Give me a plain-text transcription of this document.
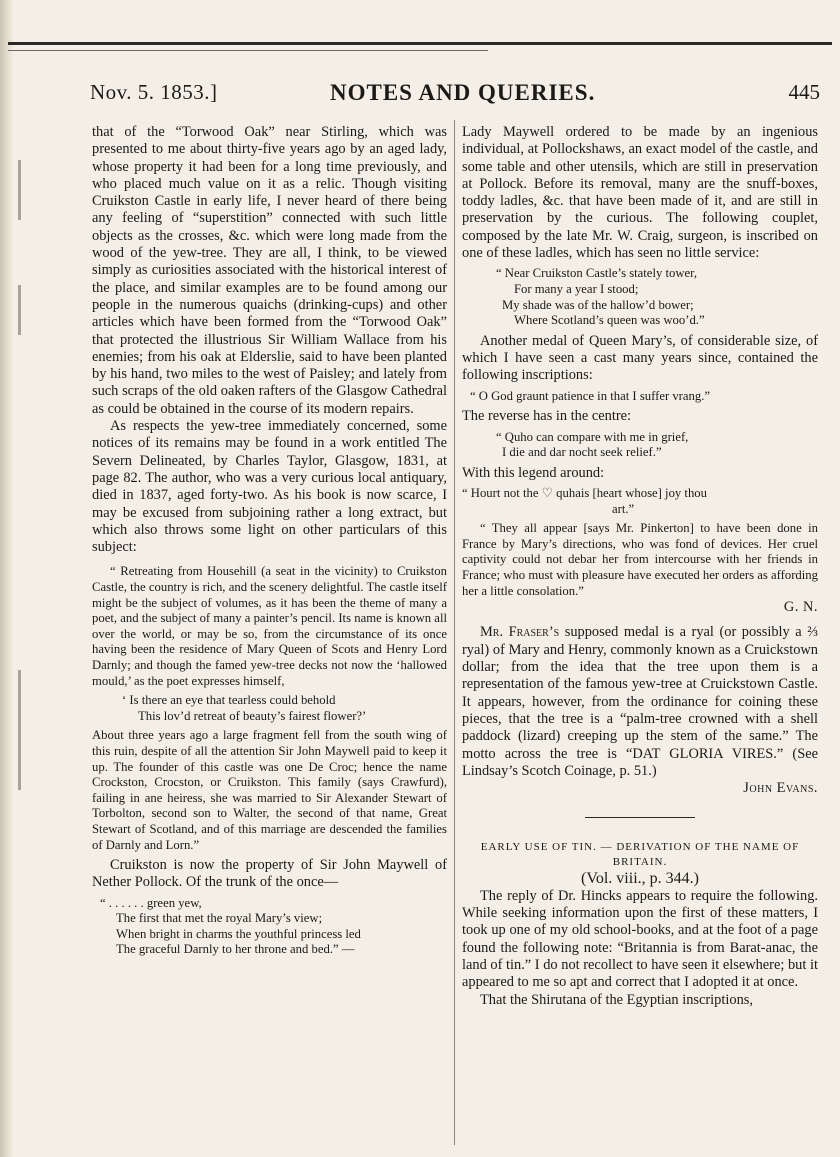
Nov. 5. 1853.]	NOTES AND QUERIES.	445

that of the “Torwood Oak” near Stirling, which was presented to me about thirty-five years ago by an aged lady, whose property it had been for a long time previously, and who placed much value on it as a relic. Though visiting Cruikston Castle in early life, I never heard of there being any feeling of “superstition” connected with such little objects as the crosses, &c. which were long made from the wood of the yew-tree. They are all, I think, to be viewed simply as curiosities associated with the historical interest of the place, and similar examples are to be found among our people in the numerous quaichs (drinking-cups) and other articles which have been formed from the “Torwood Oak” that protected the illustrious Sir William Wallace from his enemies; from his oak at Elderslie, said to have been planted by his hand, two miles to the west of Paisley; and lately from such scraps of the old oaken rafters of the Glasgow Cathedral as could be obtained in the course of its modern repairs.

As respects the yew-tree immediately concerned, some notices of its remains may be found in a work entitled The Severn Delineated, by Charles Taylor, Glasgow, 1831, at page 82. The author, who was a very curious local antiquary, died in 1837, aged forty-two. As his book is now scarce, I may be excused from subjoining rather a long extract, but which also throws some light on other particulars of this subject:

“ Retreating from Househill (a seat in the vicinity) to Cruikston Castle, the country is rich, and the scenery delightful. The castle itself might be the subject of volumes, as it has been the theme of many a poet, and the subject of many a painter’s pencil. Its name is known all over the world, or may be so, from the circumstance of its once having been the residence of Mary Queen of Scots and Henry Lord Darnly; and though the famed yew-tree decks not now the ‘hallowed mould,’ as the poet expresses himself,

‘ Is there an eye that tearless could behold
This lov’d retreat of beauty’s fairest flower?’

About three years ago a large fragment fell from the south wing of this ruin, despite of all the attention Sir John Maywell paid to keep it up. The founder of this castle was one De Croc; hence the name Crockston, Crocston, or Cruikston. This family (says Crawfurd), failing in ane heiress, she was married to Sir Alexander Stewart of Torbolton, second son to Walter, the second of that name, Great Stewart of Scotland, and of this marriage are descended the families of Darnly and Lorn.”

Cruikston is now the property of Sir John Maywell of Nether Pollock. Of the trunk of the once—

“ . . . . . . green yew,
The first that met the royal Mary’s view;
When bright in charms the youthful princess led
The graceful Darnly to her throne and bed.” —

Lady Maywell ordered to be made by an ingenious individual, at Pollockshaws, an exact model of the castle, and some table and other utensils, which are still in preservation at Pollock. Before its removal, many are the snuff-boxes, toddy ladles, &c. that have been made of it, and are still in preservation by the curious. The following couplet, composed by the late Mr. W. Craig, surgeon, is inscribed on one of these ladles, which has seen no little service:

“ Near Cruikston Castle’s stately tower,
For many a year I stood;
My shade was of the hallow’d bower;
Where Scotland’s queen was woo’d.”

Another medal of Queen Mary’s, of considerable size, of which I have seen a cast many years since, contained the following inscriptions:

“ O God graunt patience in that I suffer vrang.”

The reverse has in the centre:

“ Quho can compare with me in grief,
I die and dar nocht seek relief.”

With this legend around:

“ Hourt not the ♡ quhais [heart whose] joy thou
art.”

“ They all appear [says Mr. Pinkerton] to have been done in France by Mary’s directions, who was fond of devices. Her cruel captivity could not debar her from intercourse with her friends in France; who must with pleasure have executed her orders as affording her a little consolation.”

G. N.

Mr. Fraser’s supposed medal is a ryal (or possibly a ⅔ ryal) of Mary and Henry, commonly known as a Cruickstown dollar; from the idea that the tree upon them is a representation of the famous yew-tree at Cruickstown Castle. It appears, however, from the ordinance for coining these pieces, that the tree is a “palm-tree crowned with a shell paddock (lizard) creeping up the stem of the same.” The motto across the tree is “DAT GLORIA VIRES.” (See Lindsay’s Scotch Coinage, p. 51.)

John Evans.

EARLY USE OF TIN. — DERIVATION OF THE NAME OF BRITAIN.

(Vol. viii., p. 344.)

The reply of Dr. Hincks appears to require the following. While seeking information upon the first of these matters, I took up one of my old school-books, and at the foot of a page found the following note: “Britannia is from Barat-anac, the land of tin.” I do not recollect to have seen it elsewhere; but it appeared to me so apt and correct that I adopted it at once.

That the Shirutana of the Egyptian inscriptions,
